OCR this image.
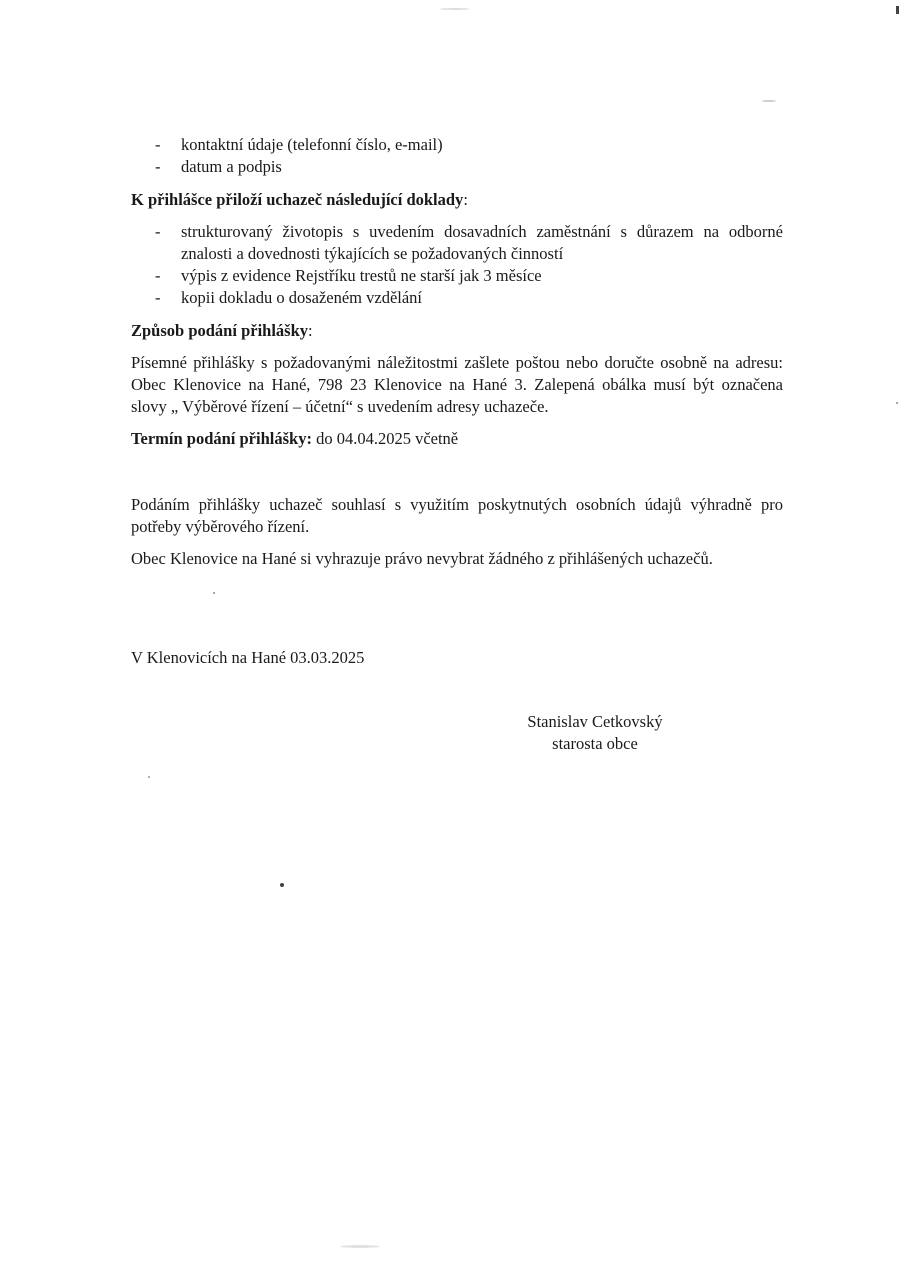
- kontaktní údaje (telefonní číslo, e-mail)
- datum a podpis
K přihlášce přiloží uchazeč následující doklady:
- strukturovaný životopis s uvedením dosavadních zaměstnání s důrazem na odborné
znalosti a dovednosti týkajících se požadovaných činností
- výpis z evidence Rejstříku trestů ne starší jak 3 měsíce
- kopii dokladu o dosaženém vzdělání
Způsob podání přihlášky:
Písemné přihlášky s požadovanými náležitostmi zašlete poštou nebo doručte osobně na adresu:
Obec Klenovice na Hané, 798 23 Klenovice na Hané 3. Zalepená obálka musí být označena
slovy „ Výběrové řízení – účetní“ s uvedením adresy uchazeče.
Termín podání přihlášky: do 04.04.2025 včetně
Podáním přihlášky uchazeč souhlasí s využitím poskytnutých osobních údajů výhradně pro
potřeby výběrového řízení.
Obec Klenovice na Hané si vyhrazuje právo nevybrat žádného z přihlášených uchazečů.
V Klenovicích na Hané 03.03.2025
Stanislav Cetkovský
starosta obce
